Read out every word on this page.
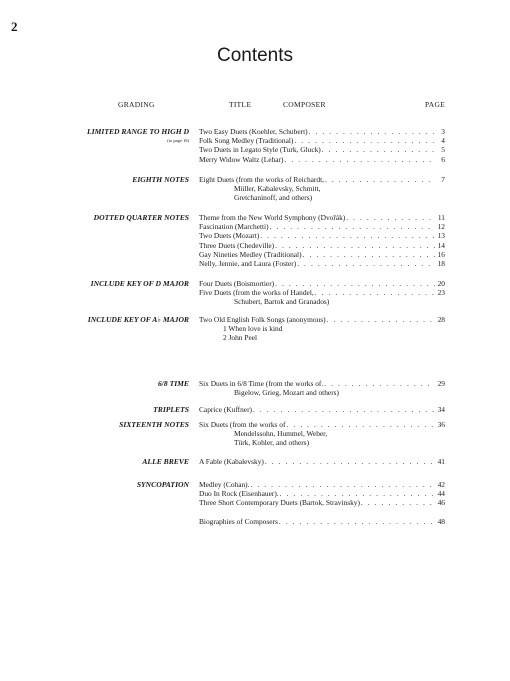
2
Contents
GRADING	TITLE	COMPOSER	PAGE
LIMITED RANGE TO HIGH D
(to page 16)
Two Easy Duets (Koehler, Schubert) . . .	3
Folk Song Medley (Traditional) . . .	4
Two Duets in Legato Style (Turk, Gluck) . . .	5
Merry Widow Waltz (Lehar) . . .	6
EIGHTH NOTES Eight Duets (from the works of Reichardt, . . .	7
Müller, Kabalevsky, Schmitt,
Gretchaninoff, and others)
DOTTED QUARTER NOTES Theme from the New World Symphony (Dvořák) . . .	11
Fascination (Marchetti) . . .	12
Two Duets (Mozart) . . .	13
Three Duets (Chedeville) . . .	14
Gay Nineties Medley (Traditional) . . .	16
Nelly, Jennie, and Laura (Foster) . . .	18
INCLUDE KEY OF D MAJOR Four Duets (Boismortier) . . .	20
Five Duets (from the works of Handel, . . .	23
Schubert, Bartok and Granados)
INCLUDE KEY OF A♭ MAJOR Two Old English Folk Songs (anonymous) . . .	28
1 When love is kind
2 John Peel
6/8 TIME Six Duets in 6/8 Time (from the works of. . . .	29
Bigelow, Grieg, Mozart and others)
TRIPLETS Caprice (Kuffner) . . .	34
SIXTEENTH NOTES Six Duets (from the works of . . .	36
Mendelssohn, Hummel, Weber,
Türk, Kohler, and others)
ALLE BREVE A Fable (Kabalevsky) . . .	41
SYNCOPATION Medley (Cohan). . . .	42
Duo In Rock (Eisenhauer). . . .	44
Three Short Contemporary Duets (Bartok, Stravinsky) . . .	46
Biographies of Composers . . .	48
